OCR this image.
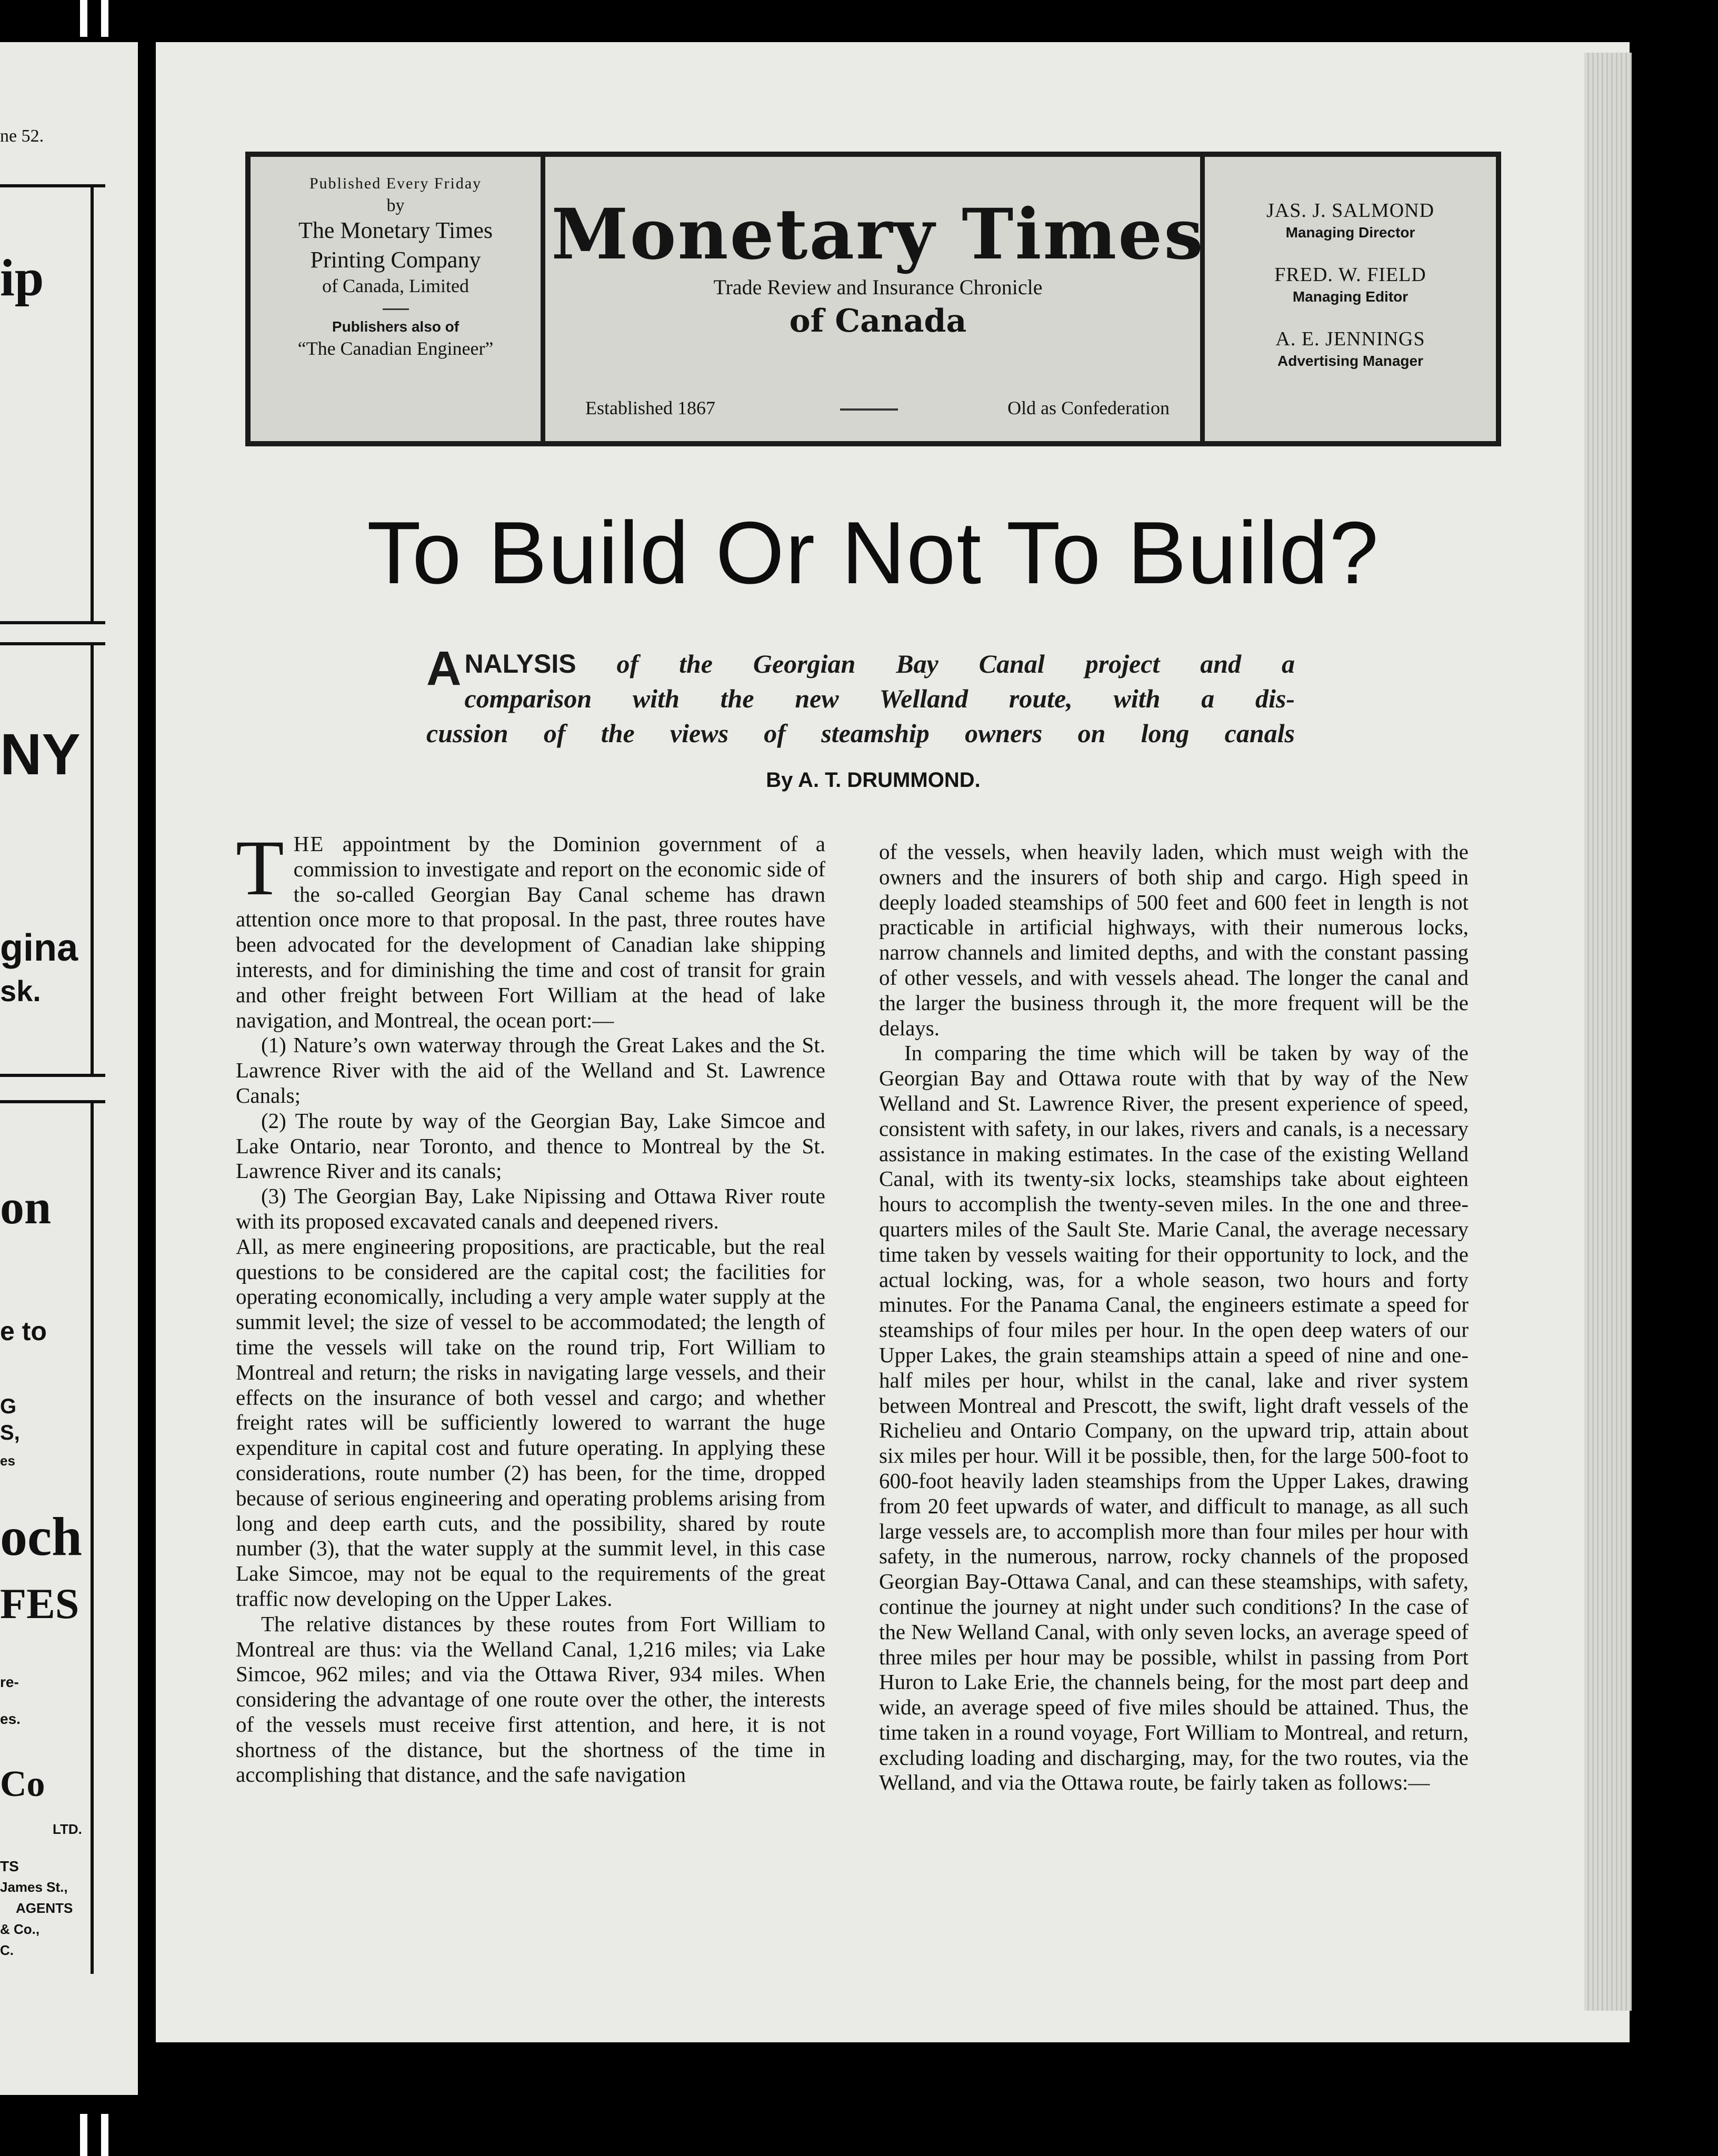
ne 52.
ip
NY
gina
sk.
on
e to
G
S,
es
och
FES
re-
es.
Co
LTD.
TS
James St.,
AGENTS
& Co.,
C.
Published Every Friday
by
The Monetary Times
Printing Company
of Canada, Limited
Publishers also of
“The Canadian Engineer”
Monetary Times
Trade Review and Insurance Chronicle
of Canada
Established 1867	Old as Confederation
JAS. J. SALMOND
Managing Director
FRED. W. FIELD
Managing Editor
A. E. JENNINGS
Advertising Manager
To Build Or Not To Build?
A NALYSIS of the Georgian Bay Canal project and a
comparison with the new Welland route, with a dis-
cussion of the views of steamship owners on long canals
By A. T. DRUMMOND.

THE appointment by the Dominion government of a commission to investigate and report on the economic side of the so-called Georgian Bay Canal scheme has drawn attention once more to that proposal. In the past, three routes have been advocated for the development of Canadian lake shipping interests, and for diminishing the time and cost of transit for grain and other freight between Fort William at the head of lake navigation, and Montreal, the ocean port:—

(1) Nature’s own waterway through the Great Lakes and the St. Lawrence River with the aid of the Welland and St. Lawrence Canals;

(2) The route by way of the Georgian Bay, Lake Simcoe and Lake Ontario, near Toronto, and thence to Montreal by the St. Lawrence River and its canals;

(3) The Georgian Bay, Lake Nipissing and Ottawa River route with its proposed excavated canals and deepened rivers.

All, as mere engineering propositions, are practicable, but the real questions to be considered are the capital cost; the facilities for operating economically, including a very ample water supply at the summit level; the size of vessel to be accommodated; the length of time the vessels will take on the round trip, Fort William to Montreal and return; the risks in navigating large vessels, and their effects on the insurance of both vessel and cargo; and whether freight rates will be sufficiently lowered to warrant the huge expenditure in capital cost and future operating. In applying these considerations, route number (2) has been, for the time, dropped because of serious engineering and operating problems arising from long and deep earth cuts, and the possibility, shared by route number (3), that the water supply at the summit level, in this case Lake Simcoe, may not be equal to the requirements of the great traffic now developing on the Upper Lakes.

The relative distances by these routes from Fort William to Montreal are thus: via the Welland Canal, 1,216 miles; via Lake Simcoe, 962 miles; and via the Ottawa River, 934 miles. When considering the advantage of one route over the other, the interests of the vessels must receive first attention, and here, it is not shortness of the distance, but the shortness of the time in accomplishing that distance, and the safe navigation

of the vessels, when heavily laden, which must weigh with the owners and the insurers of both ship and cargo. High speed in deeply loaded steamships of 500 feet and 600 feet in length is not practicable in artificial highways, with their numerous locks, narrow channels and limited depths, and with the constant passing of other vessels, and with vessels ahead. The longer the canal and the larger the business through it, the more frequent will be the delays.

In comparing the time which will be taken by way of the Georgian Bay and Ottawa route with that by way of the New Welland and St. Lawrence River, the present experience of speed, consistent with safety, in our lakes, rivers and canals, is a necessary assistance in making estimates. In the case of the existing Welland Canal, with its twenty-six locks, steamships take about eighteen hours to accomplish the twenty-seven miles. In the one and three-quarters miles of the Sault Ste. Marie Canal, the average necessary time taken by vessels waiting for their opportunity to lock, and the actual locking, was, for a whole season, two hours and forty minutes. For the Panama Canal, the engineers estimate a speed for steamships of four miles per hour. In the open deep waters of our Upper Lakes, the grain steamships attain a speed of nine and one-half miles per hour, whilst in the canal, lake and river system between Montreal and Prescott, the swift, light draft vessels of the Richelieu and Ontario Company, on the upward trip, attain about six miles per hour. Will it be possible, then, for the large 500-foot to 600-foot heavily laden steamships from the Upper Lakes, drawing from 20 feet upwards of water, and difficult to manage, as all such large vessels are, to accomplish more than four miles per hour with safety, in the numerous, narrow, rocky channels of the proposed Georgian Bay-Ottawa Canal, and can these steamships, with safety, continue the journey at night under such conditions? In the case of the New Welland Canal, with only seven locks, an average speed of three miles per hour may be possible, whilst in passing from Port Huron to Lake Erie, the channels being, for the most part deep and wide, an average speed of five miles should be attained. Thus, the time taken in a round voyage, Fort William to Montreal, and return, excluding loading and discharging, may, for the two routes, via the Welland, and via the Ottawa route, be fairly taken as follows:—
